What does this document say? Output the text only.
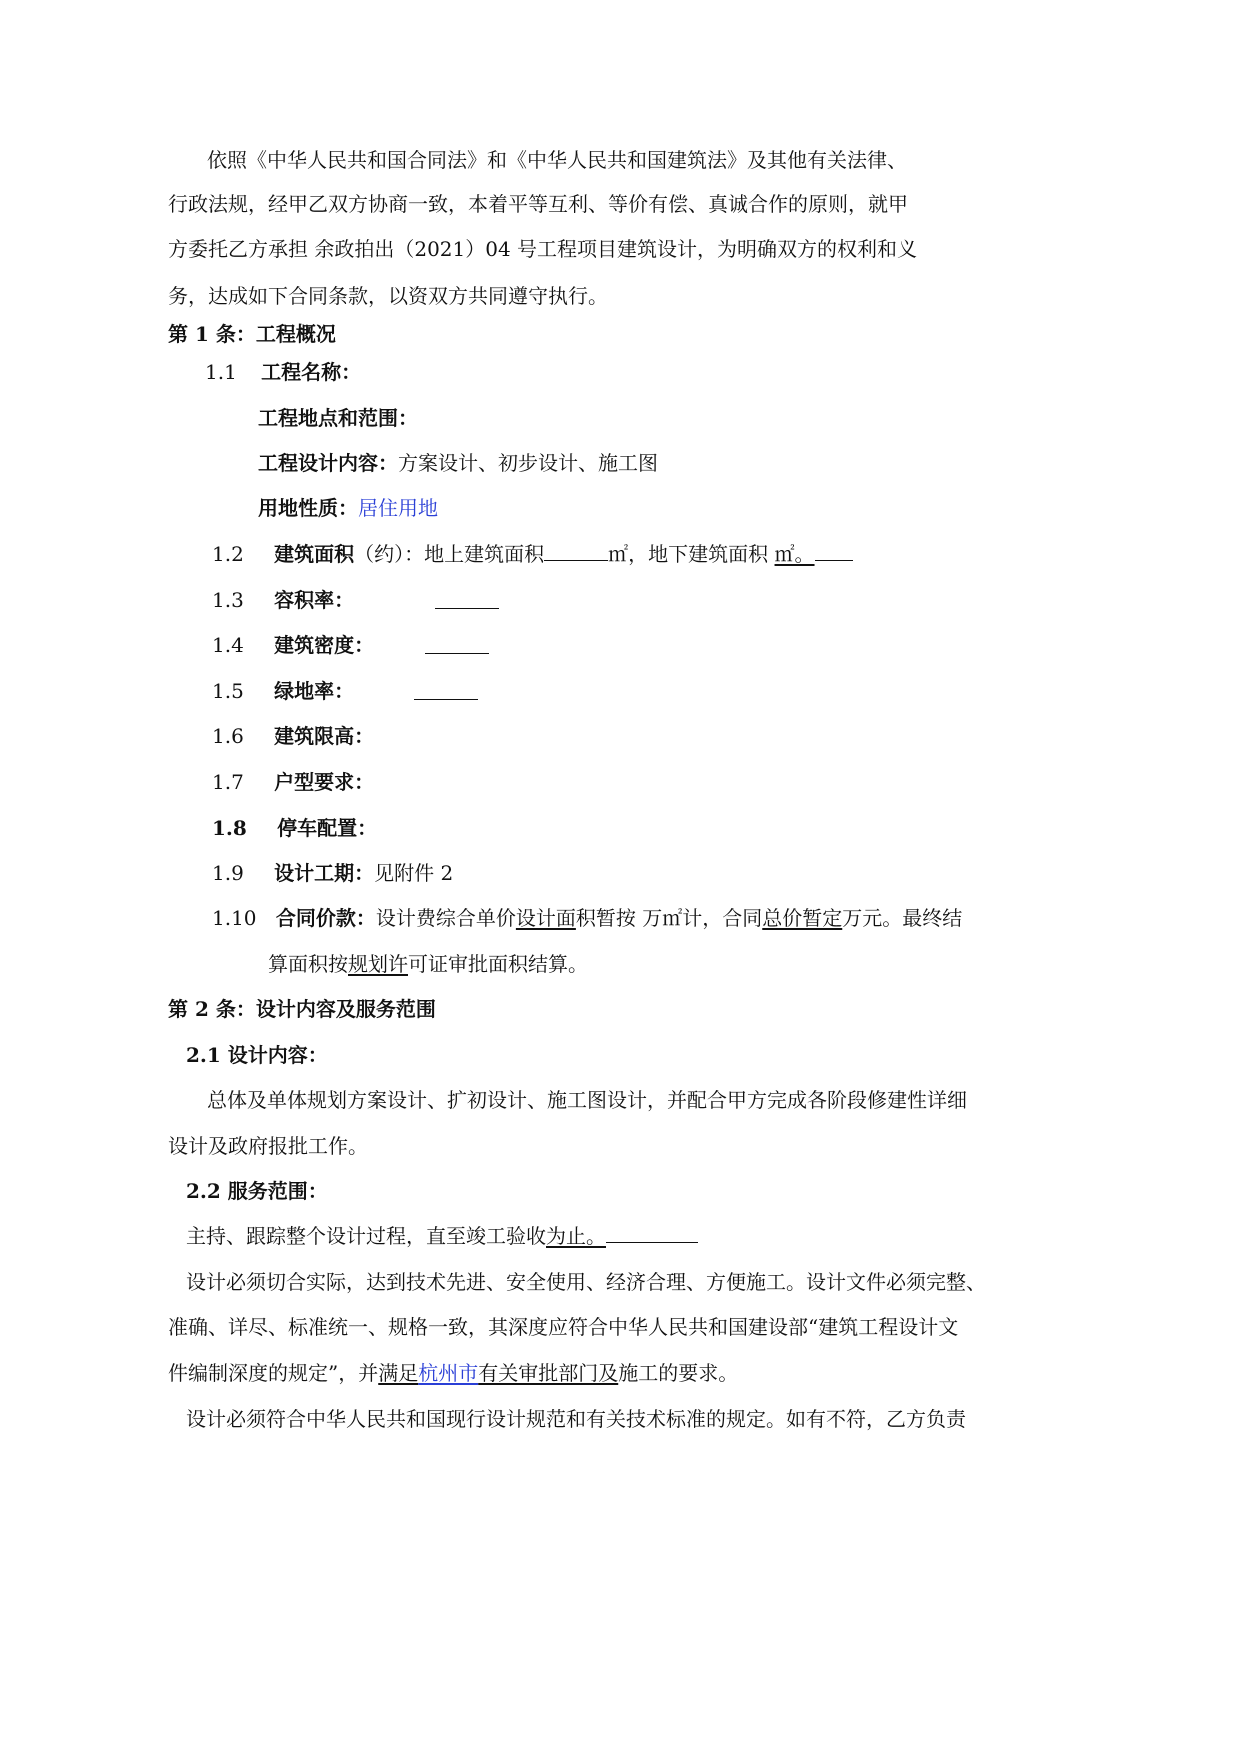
依照《中华人民共和国合同法》和《中华人民共和国建筑法》及其他有关法律、
行政法规，经甲乙双方协商一致，本着平等互利、等价有偿、真诚合作的原则，就甲
方委托乙方承担 余政拍出（2021）04 号工程项目建筑设计，为明确双方的权利和义
务，达成如下合同条款，以资双方共同遵守执行。
第 1 条：工程概况
1.1 工程名称：
工程地点和范围：
工程设计内容：方案设计、初步设计、施工图
用地性质：居住用地
1.2 建筑面积（约）：地上建筑面积	㎡，地下建筑面积 ㎡。
1.3 容积率：
1.4 建筑密度：
1.5 绿地率：
1.6 建筑限高：
1.7 户型要求：
1.8 停车配置：
1.9 设计工期：见附件 2
1.10 合同价款：设计费综合单价设计面积暂按 万㎡计，合同总价暂定万元。最终结
算面积按规划许可证审批面积结算。
第 2 条：设计内容及服务范围
2.1 设计内容：
总体及单体规划方案设计、扩初设计、施工图设计，并配合甲方完成各阶段修建性详细
设计及政府报批工作。
2.2 服务范围：
主持、跟踪整个设计过程，直至竣工验收为止。
设计必须切合实际，达到技术先进、安全使用、经济合理、方便施工。设计文件必须完整、
准确、详尽、标准统一、规格一致，其深度应符合中华人民共和国建设部“建筑工程设计文
件编制深度的规定”，并满足杭州市有关审批部门及施工的要求。
设计必须符合中华人民共和国现行设计规范和有关技术标准的规定。如有不符，乙方负责
